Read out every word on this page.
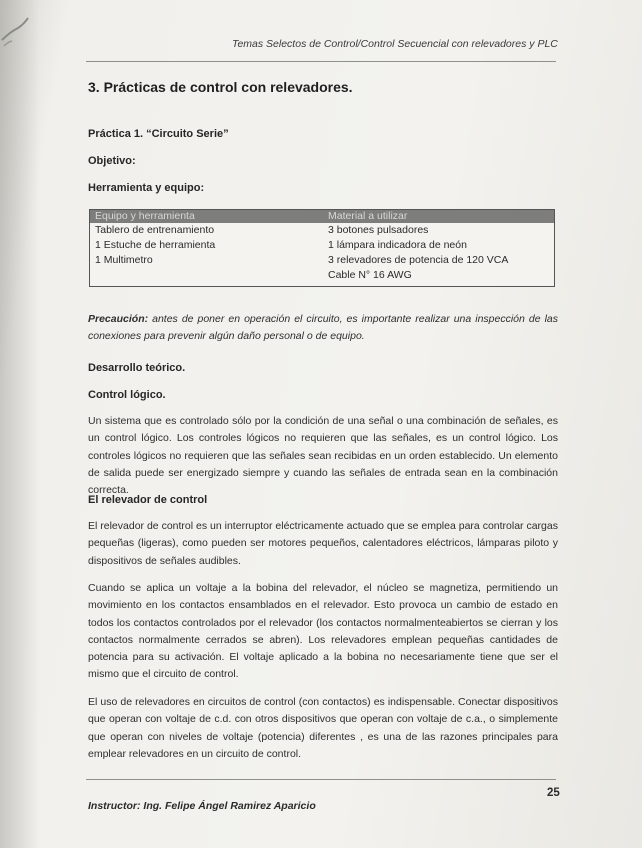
Temas Selectos de Control/Control Secuencial con relevadores y PLC
3. Prácticas de control con relevadores.
Práctica 1. “Circuito Serie”
Objetivo:
Herramienta y equipo:
Equipo y herramienta	Material a utilizar
Tablero de entrenamiento
1 Estuche de herramienta
1 Multimetro
3 botones pulsadores
1 lámpara indicadora de neón
3 relevadores de potencia de 120 VCA
Cable N° 16 AWG
Precaución: antes de poner en operación el circuito, es importante realizar una inspección de las conexiones para prevenir algún daño personal o de equipo.
Desarrollo teórico.
Control lógico.
Un sistema que es controlado sólo por la condición de una señal o una combinación de señales, es un control lógico. Los controles lógicos no requieren que las señales, es un control lógico. Los controles lógicos no requieren que las señales sean recibidas en un orden establecido. Un elemento de salida puede ser energizado siempre y cuando las señales de entrada sean en la combinación correcta.
El relevador de control
El relevador de control es un interruptor eléctricamente actuado que se emplea para controlar cargas pequeñas (ligeras), como pueden ser motores pequeños, calentadores eléctricos, lámparas piloto y dispositivos de señales audibles.
Cuando se aplica un voltaje a la bobina del relevador, el núcleo se magnetiza, permitiendo un movimiento en los contactos ensamblados en el relevador. Esto provoca un cambio de estado en todos los contactos controlados por el relevador (los contactos normalmenteabiertos se cierran y los contactos normalmente cerrados se abren). Los relevadores emplean pequeñas cantidades de potencia para su activación. El voltaje aplicado a la bobina no necesariamente tiene que ser el mismo que el circuito de control.
El uso de relevadores en circuitos de control (con contactos) es indispensable. Conectar dispositivos que operan con voltaje de c.d. con otros dispositivos que operan con voltaje de c.a., o simplemente que operan con niveles de voltaje (potencia) diferentes , es una de las razones principales para emplear relevadores en un circuito de control.
25
Instructor: Ing. Felipe Ángel Ramirez Aparicio
